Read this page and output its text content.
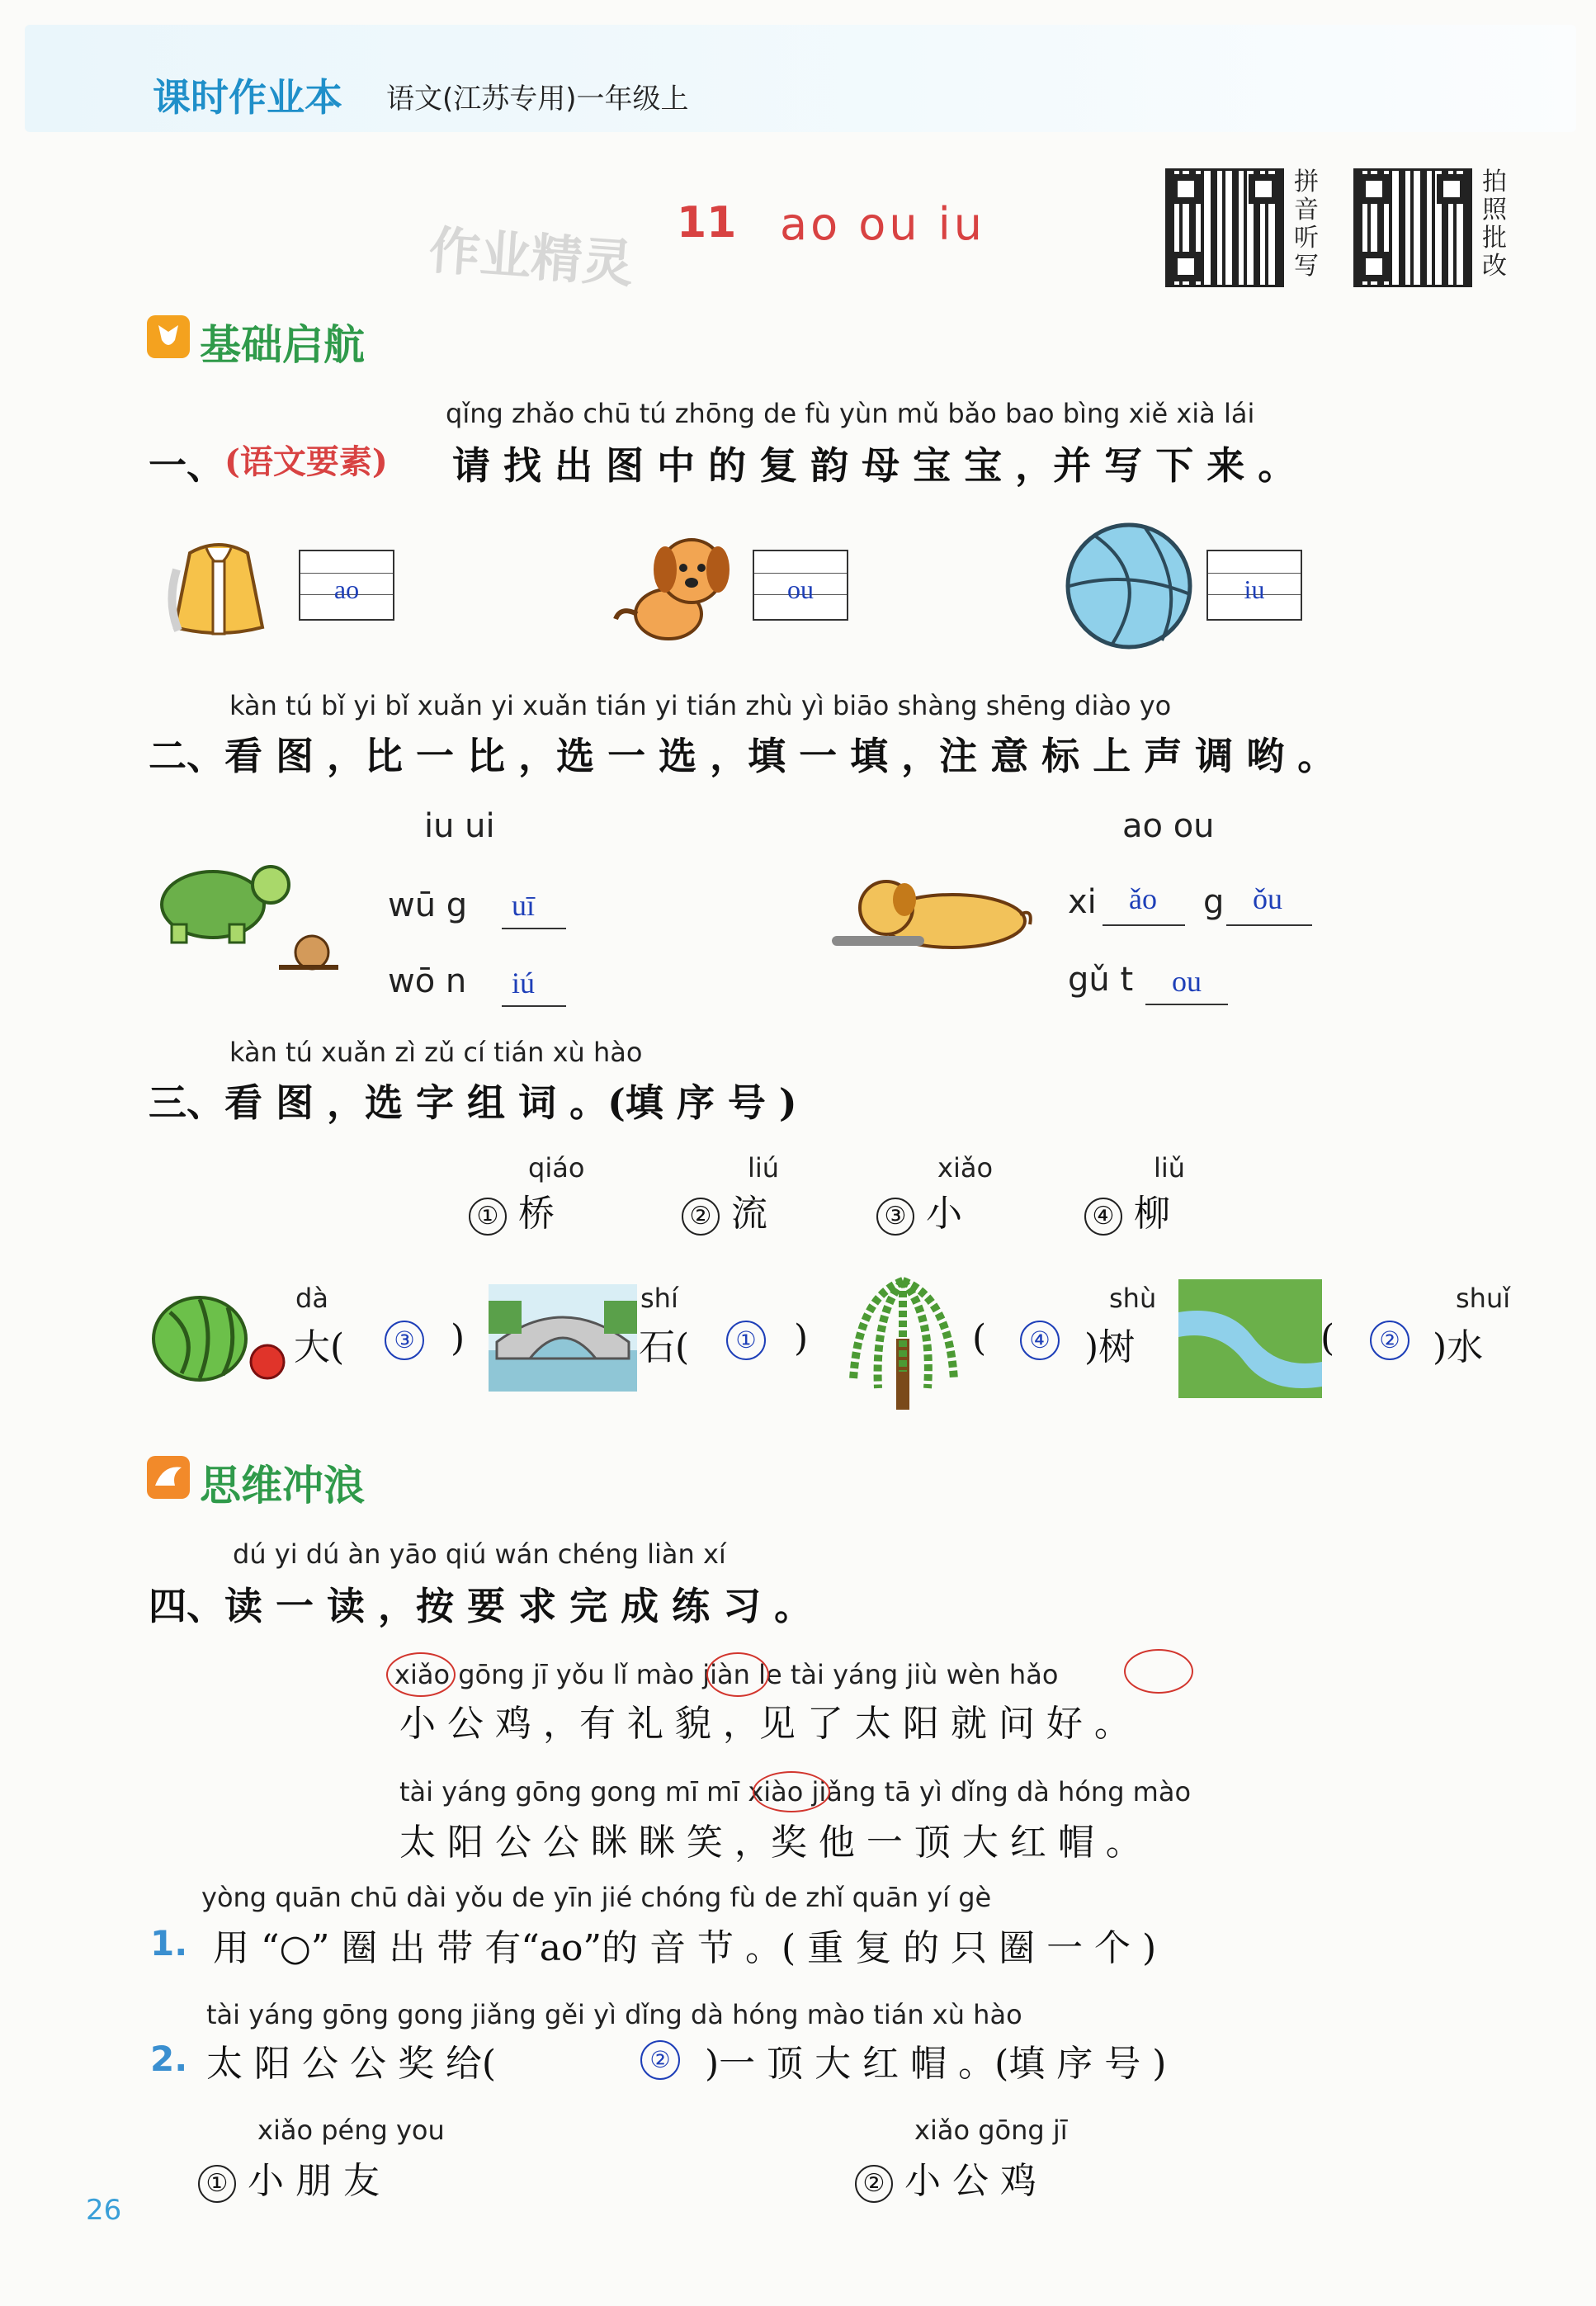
课时作业本 语文(江苏专用)一年级上
作业精灵 11 ao ou iu
拼
音
听
写
拍
照
批
改
基础启航
qǐng zhǎo chū tú zhōng de fù yùn mǔ bǎo bao bìng xiě xià lái
一、 (语文要素) 请 找 出 图 中 的 复 韵 母 宝 宝 ，并 写 下 来 。
ao	ou	iu
kàn tú bǐ yi bǐ xuǎn yi xuǎn tián yi tián zhù yì biāo shàng shēng diào yo
二、看 图 ，比 一 比 ，选 一 选 ，填 一 填 ，注 意 标 上 声 调 哟 。
iu ui
wū g uī
wō n iú
ao ou
xi ǎo g ǒu
gǔ t ou
kàn tú xuǎn zì zǔ cí tián xù hào
三、看 图 ，选 字 组 词 。(填 序 号 )
qiáo
① 桥
liú
② 流
xiǎo
③ 小
liǔ
④ 柳
dà
大(	③ )
shí
石(	① )	(	④
shù
)树	(	②
shuǐ
)水
思维冲浪
dú yi dú àn yāo qiú wán chéng liàn xí
四、读 一 读 ，按 要 求 完 成 练 习 。
xiǎo gōng jī yǒu lǐ mào jiàn le tài yáng jiù wèn hǎo
小 公 鸡 ，有 礼 貌 ，见 了 太 阳 就 问 好 。
tài yáng gōng gong mī mī xiào jiǎng tā yì dǐng dà hóng mào
太 阳 公 公 眯 眯 笑 ，奖 他 一 顶 大 红 帽 。
yòng quān chū dài yǒu de yīn jié chóng fù de zhǐ quān yí gè
1. 用 “○” 圈 出 带 有“ao”的 音 节 。( 重 复 的 只 圈 一 个 )
tài yáng gōng gong jiǎng gěi yì dǐng dà hóng mào tián xù hào
2. 太 阳 公 公 奖 给(	② )一 顶 大 红 帽 。(填 序 号 )
xiǎo péng you
① 小 朋 友
xiǎo gōng jī
② 小 公 鸡
26
